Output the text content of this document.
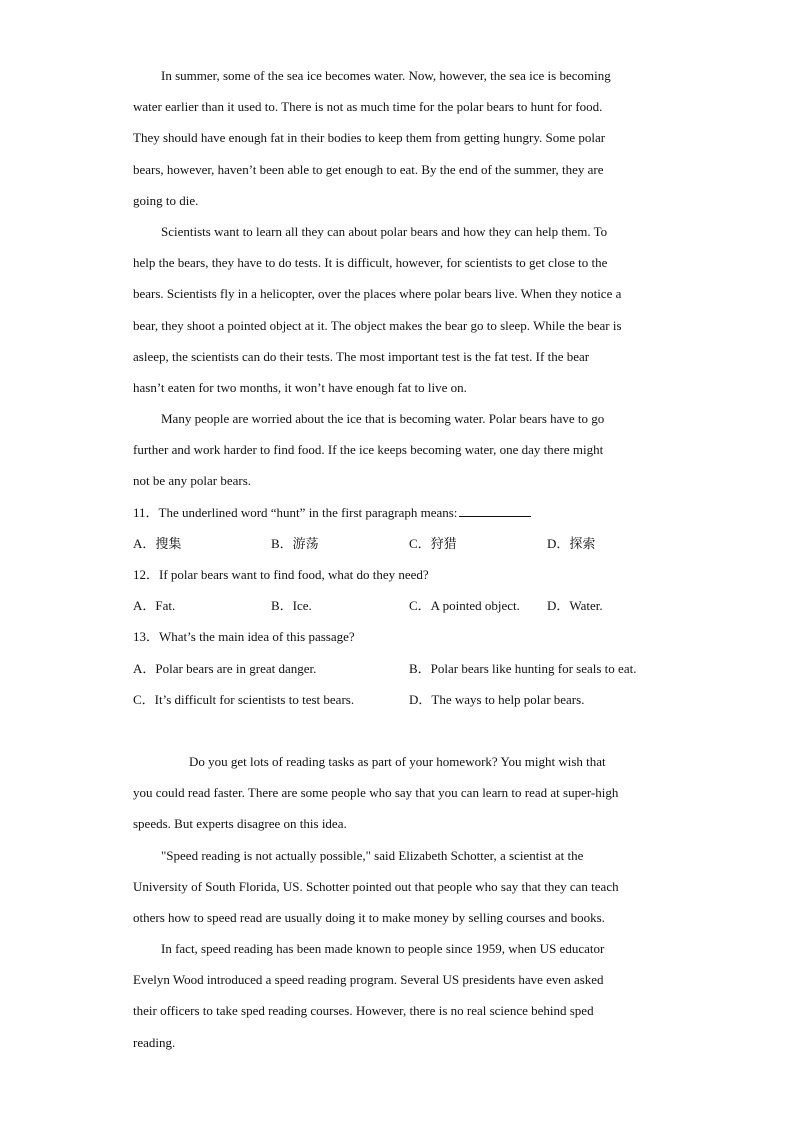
In summer, some of the sea ice becomes water. Now, however, the sea ice is becoming
water earlier than it used to. There is not as much time for the polar bears to hunt for food.
They should have enough fat in their bodies to keep them from getting hungry. Some polar
bears, however, haven’t been able to get enough to eat. By the end of the summer, they are
going to die.
Scientists want to learn all they can about polar bears and how they can help them. To
help the bears, they have to do tests. It is difficult, however, for scientists to get close to the
bears. Scientists fly in a helicopter, over the places where polar bears live. When they notice a
bear, they shoot a pointed object at it. The object makes the bear go to sleep. While the bear is
asleep, the scientists can do their tests. The most important test is the fat test. If the bear
hasn’t eaten for two months, it won’t have enough fat to live on.
Many people are worried about the ice that is becoming water. Polar bears have to go
further and work harder to find food. If the ice keeps becoming water, one day there might
not be any polar bears.
11．The underlined word “hunt” in the first paragraph means:
A．搜集	B．游荡	C．狩猎	D．探索
12．If polar bears want to find food, what do they need?
A．Fat.	B．Ice.	C．A pointed object. D．Water.
13．What’s the main idea of this passage?
A．Polar bears are in great danger.	B．Polar bears like hunting for seals to eat.
C．It’s difficult for scientists to test bears.	D．The ways to help polar bears.
Do you get lots of reading tasks as part of your homework? You might wish that
you could read faster. There are some people who say that you can learn to read at super-high
speeds. But experts disagree on this idea.
"Speed reading is not actually possible," said Elizabeth Schotter, a scientist at the
University of South Florida, US. Schotter pointed out that people who say that they can teach
others how to speed read are usually doing it to make money by selling courses and books.
In fact, speed reading has been made known to people since 1959, when US educator
Evelyn Wood introduced a speed reading program. Several US presidents have even asked
their officers to take sped reading courses. However, there is no real science behind sped
reading.
